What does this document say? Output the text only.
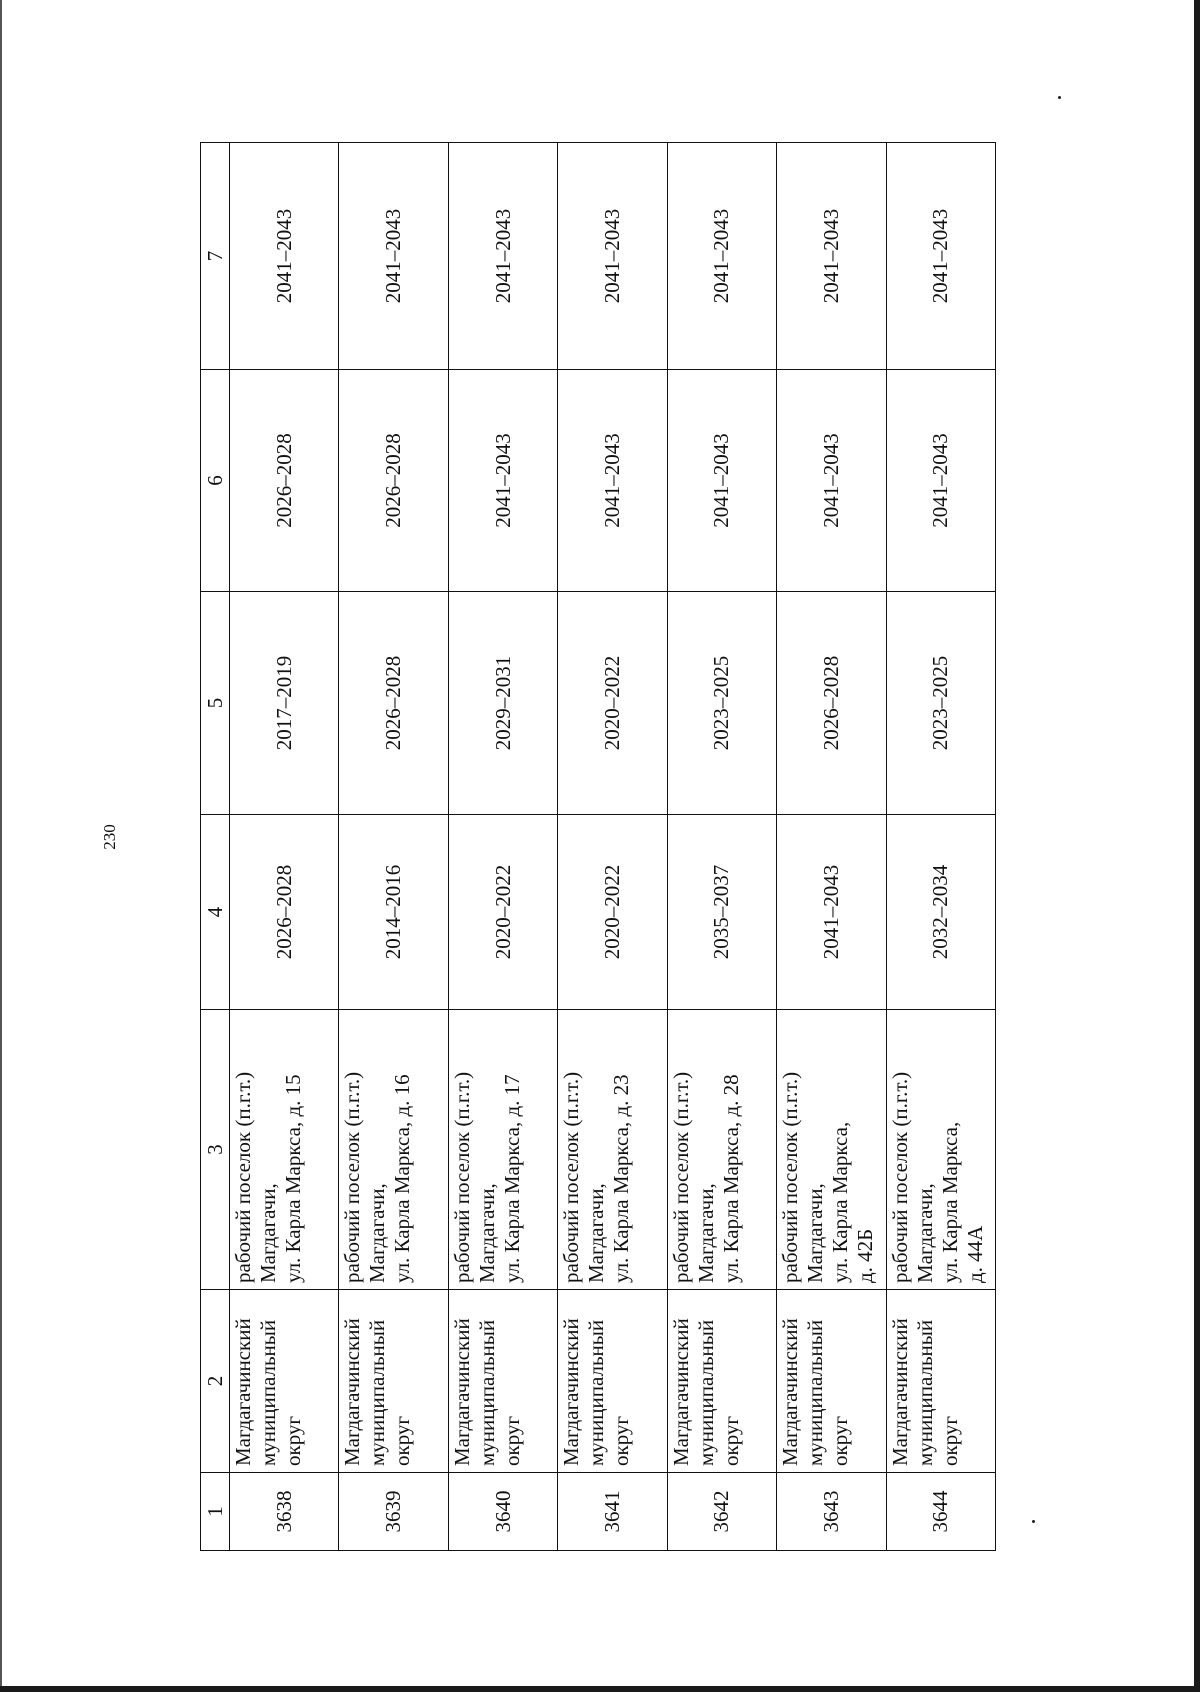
230
1	2	3	4	5	6	7
3638	Магдагачинский муниципальный округ	рабочий поселок (п.г.т.) Магдагачи, ул. Карла Маркса, д. 15	2026–2028	2017–2019	2026–2028	2041–2043
3639	Магдагачинский муниципальный округ	рабочий поселок (п.г.т.) Магдагачи, ул. Карла Маркса, д. 16	2014–2016	2026–2028	2026–2028	2041–2043
3640	Магдагачинский муниципальный округ	рабочий поселок (п.г.т.) Магдагачи, ул. Карла Маркса, д. 17	2020–2022	2029–2031	2041–2043	2041–2043
3641	Магдагачинский муниципальный округ	рабочий поселок (п.г.т.) Магдагачи, ул. Карла Маркса, д. 23	2020–2022	2020–2022	2041–2043	2041–2043
3642	Магдагачинский муниципальный округ	рабочий поселок (п.г.т.) Магдагачи, ул. Карла Маркса, д. 28	2035–2037	2023–2025	2041–2043	2041–2043
3643	Магдагачинский муниципальный округ	рабочий поселок (п.г.т.) Магдагачи, ул. Карла Маркса, д. 42Б	2041–2043	2026–2028	2041–2043	2041–2043
3644	Магдагачинский муниципальный округ	рабочий поселок (п.г.т.) Магдагачи, ул. Карла Маркса, д. 44А	2032–2034	2023–2025	2041–2043	2041–2043
